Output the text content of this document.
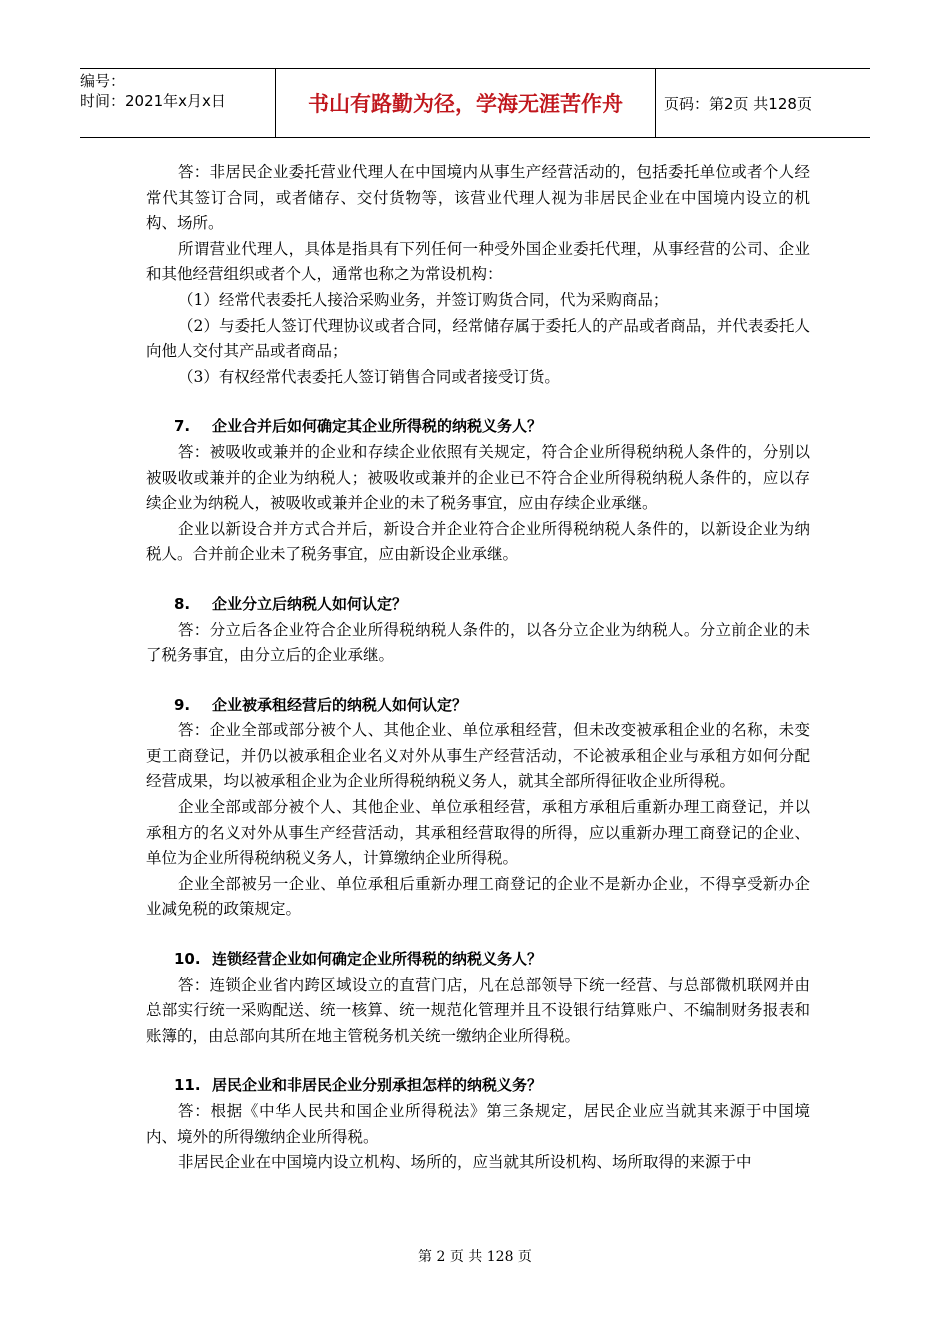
编号：
时间：2021年x月x日	书山有路勤为径，学海无涯苦作舟	页码：第2页 共128页

答：非居民企业委托营业代理人在中国境内从事生产经营活动的，包括委托单位或者个人经常代其签订合同，或者储存、交付货物等，该营业代理人视为非居民企业在中国境内设立的机构、场所。

所谓营业代理人，具体是指具有下列任何一种受外国企业委托代理，从事经营的公司、企业和其他经营组织或者个人，通常也称之为常设机构：

（1）经常代表委托人接洽采购业务，并签订购货合同，代为采购商品；

（2）与委托人签订代理协议或者合同，经常储存属于委托人的产品或者商品，并代表委托人向他人交付其产品或者商品；

（3）有权经常代表委托人签订销售合同或者接受订货。

7. 企业合并后如何确定其企业所得税的纳税义务人？

答：被吸收或兼并的企业和存续企业依照有关规定，符合企业所得税纳税人条件的，分别以被吸收或兼并的企业为纳税人；被吸收或兼并的企业已不符合企业所得税纳税人条件的，应以存续企业为纳税人，被吸收或兼并企业的未了税务事宜，应由存续企业承继。

企业以新设合并方式合并后，新设合并企业符合企业所得税纳税人条件的，以新设企业为纳税人。合并前企业未了税务事宜，应由新设企业承继。

8. 企业分立后纳税人如何认定？

答：分立后各企业符合企业所得税纳税人条件的，以各分立企业为纳税人。分立前企业的未了税务事宜，由分立后的企业承继。

9. 企业被承租经营后的纳税人如何认定？

答：企业全部或部分被个人、其他企业、单位承租经营，但未改变被承租企业的名称，未变更工商登记，并仍以被承租企业名义对外从事生产经营活动，不论被承租企业与承租方如何分配经营成果，均以被承租企业为企业所得税纳税义务人，就其全部所得征收企业所得税。

企业全部或部分被个人、其他企业、单位承租经营，承租方承租后重新办理工商登记，并以承租方的名义对外从事生产经营活动，其承租经营取得的所得，应以重新办理工商登记的企业、单位为企业所得税纳税义务人，计算缴纳企业所得税。

企业全部被另一企业、单位承租后重新办理工商登记的企业不是新办企业，不得享受新办企业减免税的政策规定。

10. 连锁经营企业如何确定企业所得税的纳税义务人？

答：连锁企业省内跨区域设立的直营门店，凡在总部领导下统一经营、与总部微机联网并由总部实行统一采购配送、统一核算、统一规范化管理并且不设银行结算账户、不编制财务报表和账簿的，由总部向其所在地主管税务机关统一缴纳企业所得税。

11. 居民企业和非居民企业分别承担怎样的纳税义务？

答：根据《中华人民共和国企业所得税法》第三条规定，居民企业应当就其来源于中国境内、境外的所得缴纳企业所得税。

非居民企业在中国境内设立机构、场所的，应当就其所设机构、场所取得的来源于中

第 2 页 共 128 页
